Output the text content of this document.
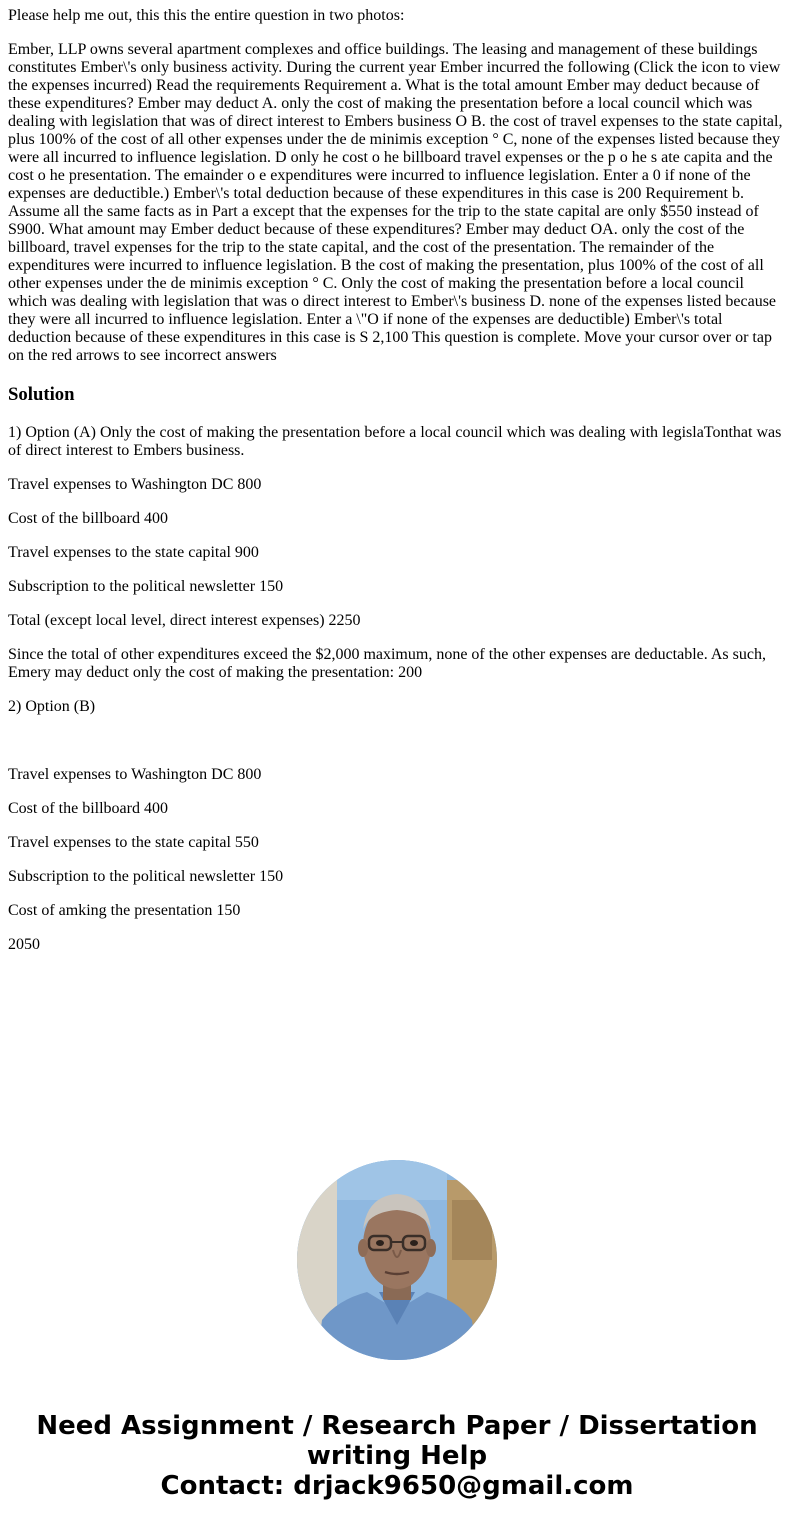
Please help me out, this this the entire question in two photos:

Ember, LLP owns several apartment complexes and office buildings. The leasing and management of these buildings constitutes Ember\'s only business activity. During the current year Ember incurred the following (Click the icon to view the expenses incurred) Read the requirements Requirement a. What is the total amount Ember may deduct because of these expenditures? Ember may deduct A. only the cost of making the presentation before a local council which was dealing with legislation that was of direct interest to Embers business O B. the cost of travel expenses to the state capital, plus 100% of the cost of all other expenses under the de minimis exception ° C, none of the expenses listed because they were all incurred to influence legislation. D only he cost o he billboard travel expenses or the p o he s ate capita and the cost o he presentation. The emainder o e expenditures were incurred to influence legislation. Enter a 0 if none of the expenses are deductible.) Ember\'s total deduction because of these expenditures in this case is 200 Requirement b. Assume all the same facts as in Part a except that the expenses for the trip to the state capital are only $550 instead of S900. What amount may Ember deduct because of these expenditures? Ember may deduct OA. only the cost of the billboard, travel expenses for the trip to the state capital, and the cost of the presentation. The remainder of the expenditures were incurred to influence legislation. B the cost of making the presentation, plus 100% of the cost of all other expenses under the de minimis exception ° C. Only the cost of making the presentation before a local council which was dealing with legislation that was o direct interest to Ember\'s business D. none of the expenses listed because they were all incurred to influence legislation. Enter a \"O if none of the expenses are deductible) Ember\'s total deduction because of these expenditures in this case is S 2,100 This question is complete. Move your cursor over or tap on the red arrows to see incorrect answers

Solution

1) Option (A) Only the cost of making the presentation before a local council which was dealing with legislaTonthat was of direct interest to Embers business.

Travel expenses to Washington DC 800

Cost of the billboard 400

Travel expenses to the state capital 900

Subscription to the political newsletter 150

Total (except local level, direct interest expenses) 2250

Since the total of other expenditures exceed the $2,000 maximum, none of the other expenses are deductable. As such, Emery may deduct only the cost of making the presentation: 200

2) Option (B)

Travel expenses to Washington DC 800

Cost of the billboard 400

Travel expenses to the state capital 550

Subscription to the political newsletter 150

Cost of amking the presentation 150

2050

Need Assignment / Research Paper / Dissertation
writing Help
Contact: drjack9650@gmail.com
